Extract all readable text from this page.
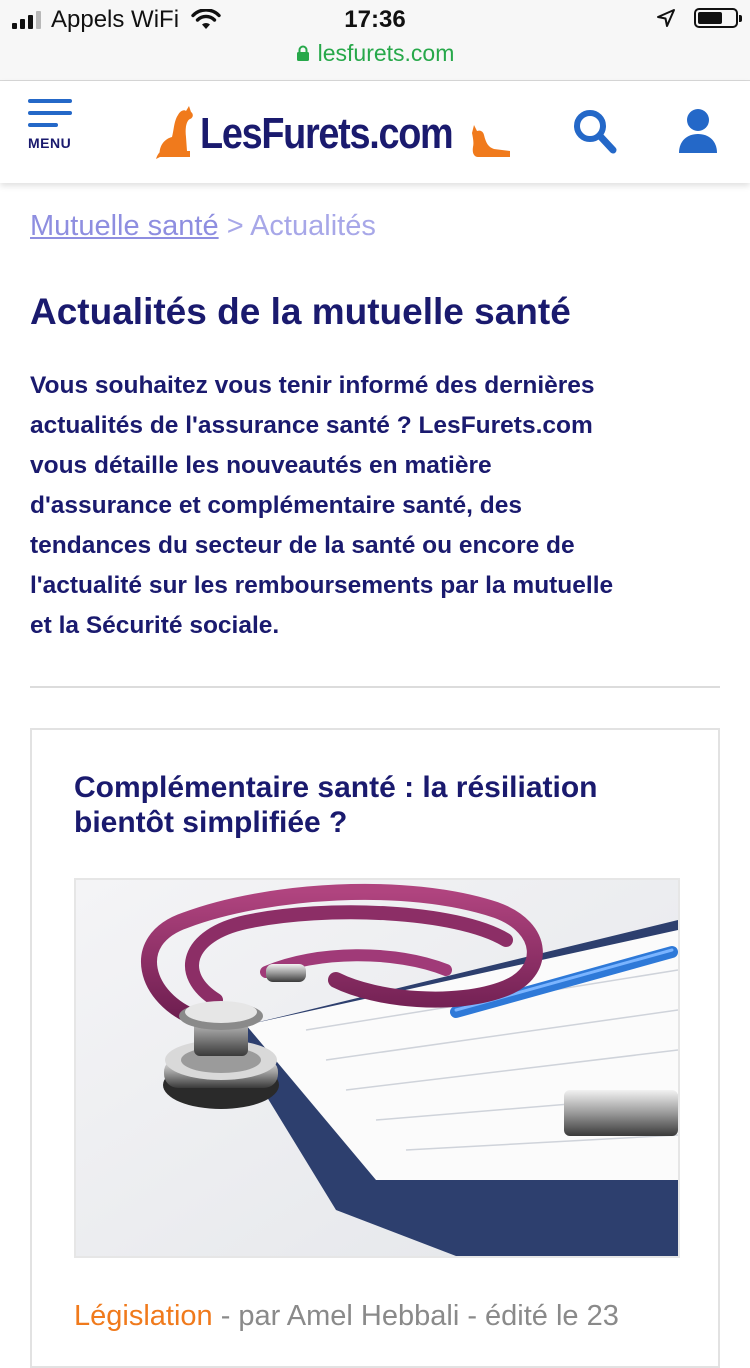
Appels WiFi	17:36
lesfurets.com
MENU	LesFurets.com
Mutuelle santé > Actualités
Actualités de la mutuelle santé

Vous souhaitez vous tenir informé des dernières
actualités de l'assurance santé ? LesFurets.com
vous détaille les nouveautés en matière
d'assurance et complémentaire santé, des
tendances du secteur de la santé ou encore de
l'actualité sur les remboursements par la mutuelle
et la Sécurité sociale.

Complémentaire santé : la résiliation
bientôt simplifiée ?
Législation - par Amel Hebbali - édité le 23
